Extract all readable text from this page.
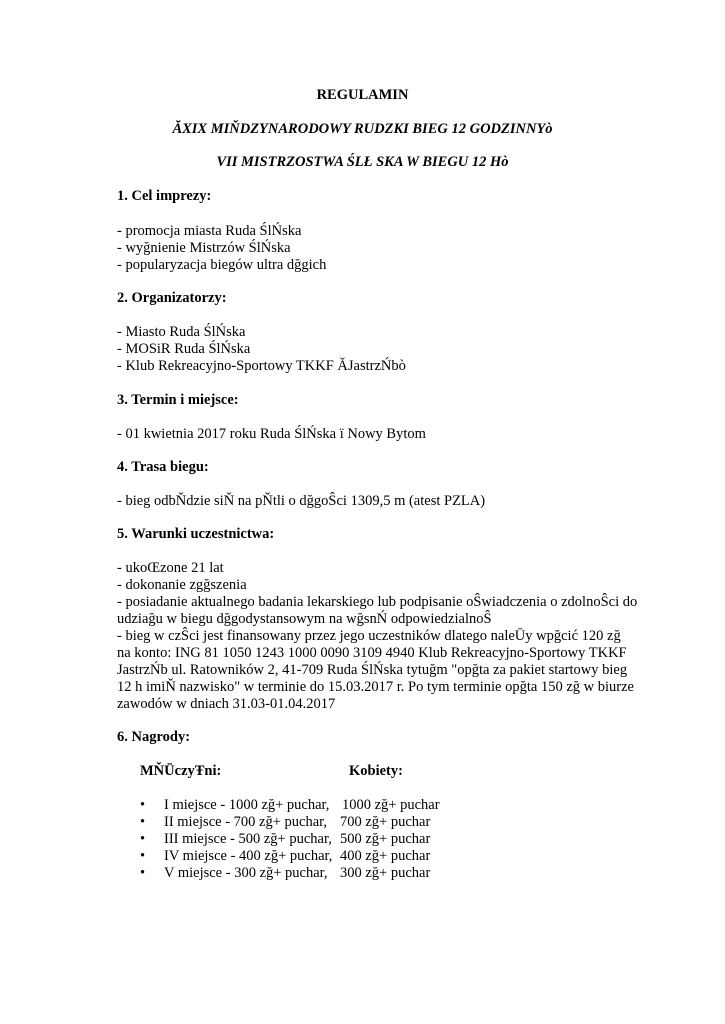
REGULAMIN
ĂXIX MIŇDZYNARODOWY RUDZKI BIEG 12 GODZINNYò
VII MISTRZOSTWA ŚLŁ SKA W BIEGU 12 Hò
1. Cel imprezy:
- promocja miasta Ruda ŚlŃska
- wyğnienie Mistrzów ŚlŃska
- popularyzacja biegów ultra dğgich
2. Organizatorzy:
- Miasto Ruda ŚlŃska
- MOSiR Ruda ŚlŃska
- Klub Rekreacyjno-Sportowy TKKF ĂJastrzŃbò
3. Termin i miejsce:
- 01 kwietnia 2017 roku Ruda ŚlŃska ï Nowy Bytom
4. Trasa biegu:
- bieg odbŇdzie siŇ na pŇtli o dğgoŜci 1309,5 m (atest PZLA)
5. Warunki uczestnictwa:
- ukoŒzone 21 lat
- dokonanie zgğszenia
- posiadanie aktualnego badania lekarskiego lub podpisanie oŜwiadczenia o zdolnoŜci do
udziağu w biegu dğgodystansowym na wğsnŃ odpowiedzialnoŜ
- bieg w czŜci jest finansowany przez jego uczestników dlatego naleŪy wpğcić 120 zğ
na konto: ING 81 1050 1243 1000 0090 3109 4940 Klub Rekreacyjno-Sportowy TKKF
JastrzŃb ul. Ratowników 2, 41-709 Ruda ŚlŃska tytuğm "opğta za pakiet startowy bieg
12 h imiŇ nazwisko" w terminie do 15.03.2017 r. Po tym terminie opğta 150 zğ w biurze
zawodów w dniach 31.03-01.04.2017
6. Nagrody:
MŇŪczyŦni:	Kobiety:
• I miejsce - 1000 zğ+ puchar, 1000 zğ+ puchar
• II miejsce - 700 zğ+ puchar, 700 zğ+ puchar
• III miejsce - 500 zğ+ puchar, 500 zğ+ puchar
• IV miejsce - 400 zğ+ puchar, 400 zğ+ puchar
• V miejsce - 300 zğ+ puchar, 300 zğ+ puchar
